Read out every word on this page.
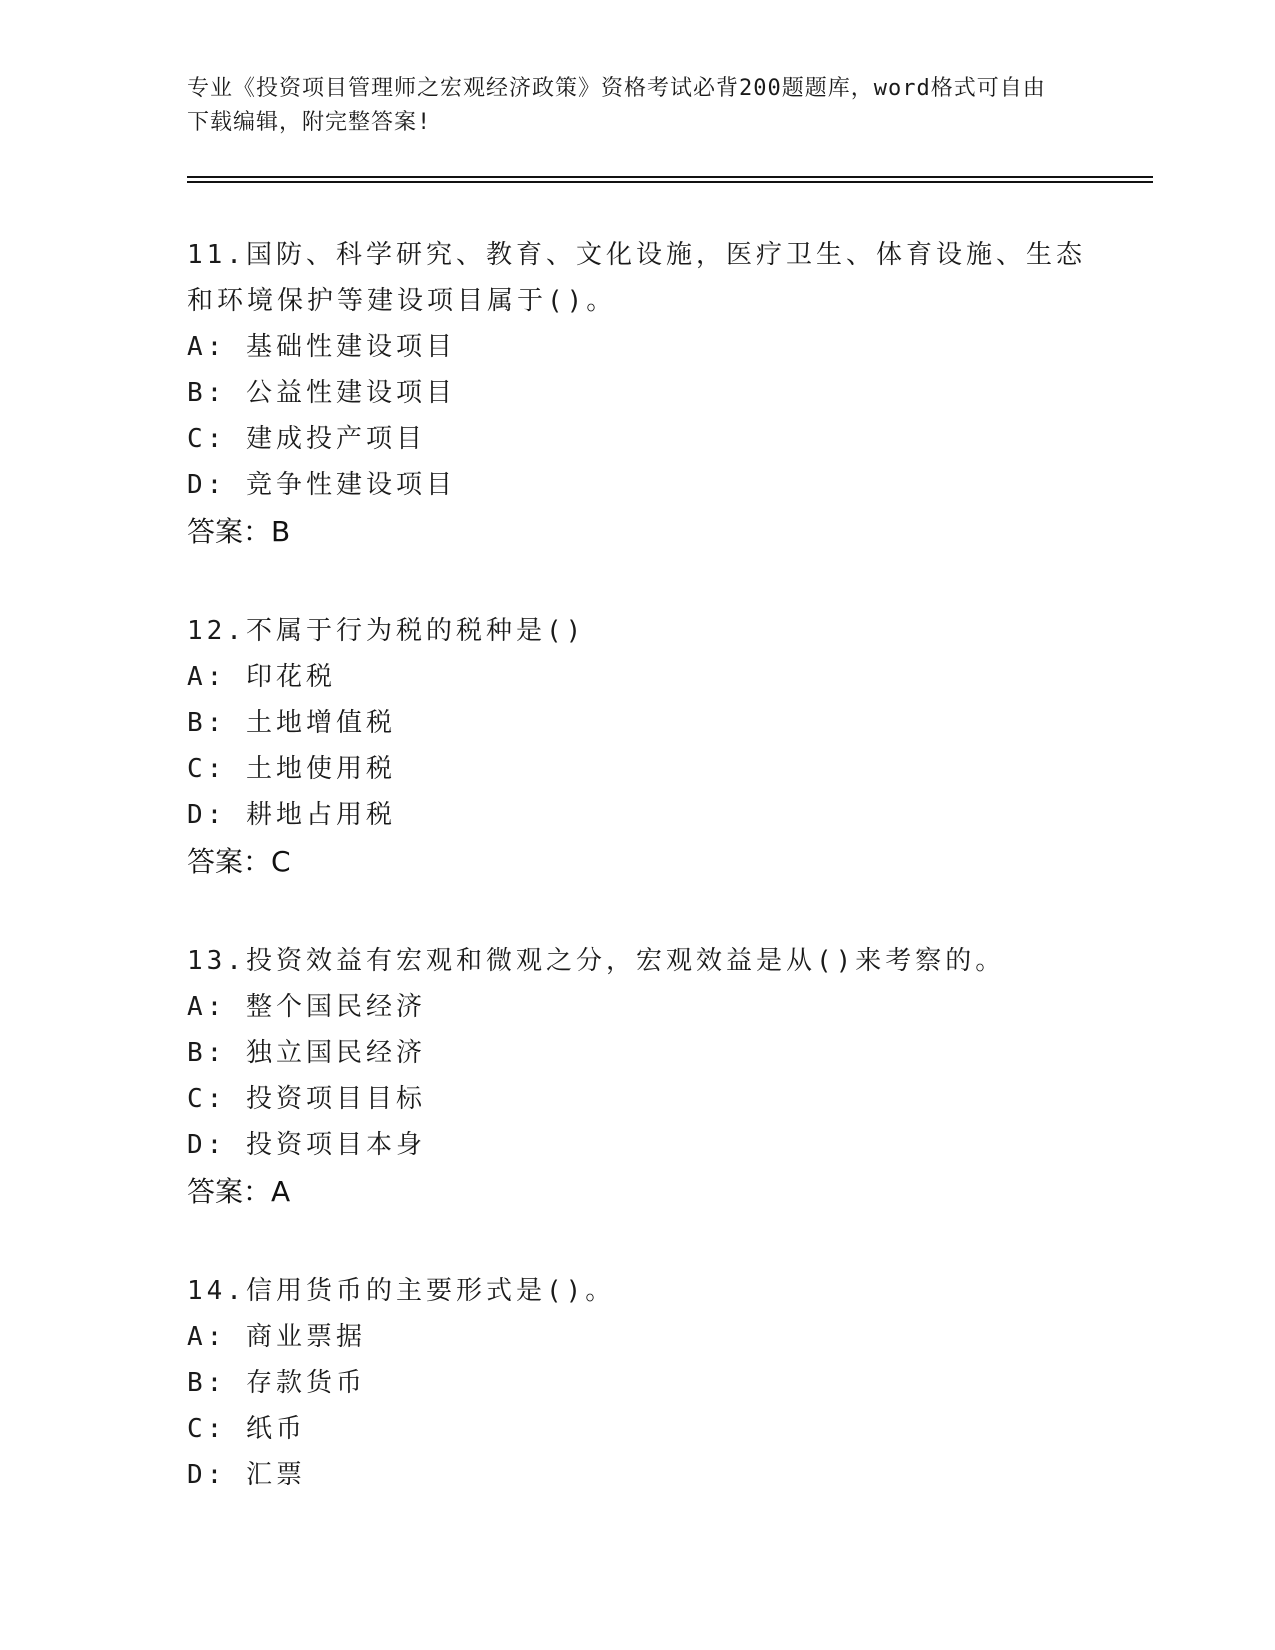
专业《投资项目管理师之宏观经济政策》资格考试必背200题题库，word格式可自由下载编辑，附完整答案!

11.国防、科学研究、教育、文化设施，医疗卫生、体育设施、生态和环境保护等建设项目属于()。

A: 基础性建设项目

B: 公益性建设项目

C: 建成投产项目

D: 竞争性建设项目

答案：B

12.不属于行为税的税种是()

A: 印花税

B: 土地增值税

C: 土地使用税

D: 耕地占用税

答案：C

13.投资效益有宏观和微观之分，宏观效益是从()来考察的。

A: 整个国民经济

B: 独立国民经济

C: 投资项目目标

D: 投资项目本身

答案：A

14.信用货币的主要形式是()。

A: 商业票据

B: 存款货币

C: 纸币

D: 汇票
